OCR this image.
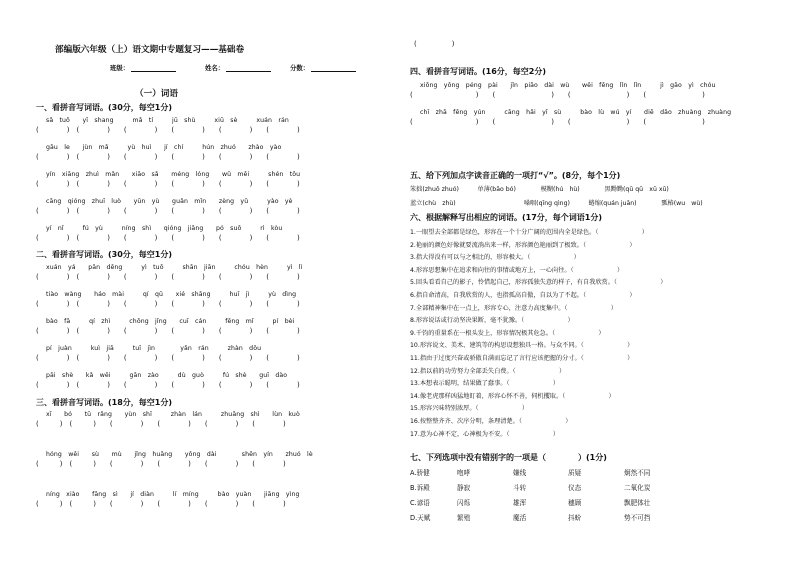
部编版六年级（上）语文期中专题复习——基础卷
班级：	姓名：	分数：
（一）词语
一、看拼音写词语。(30分，每空1分)
sǎ　tuō　　yī　shang　　　mǎ　tí　　　jū　shù　　　xiū　sè　　　xuán　rán
(　　　　)　(　　　　)　　(　　　　)　　(　　　　)　　(　　　　)　　(　　　　)
gāu　le　　jùn　mǎ　　　yù　huì　　jí　chí　　　hún　zhuó　　zhào　yào
(　　　　)　(　　　　)　　(　　　　)　　(　　　　)　　(　　　　)　　(　　　　)
yín　xiāng　zhuì　mǎn　　xiāo　sǎ　　méng　lóng　　wǔ　měi　　　shén　tōu
(　　　　)　(　　　　)　　(　　　　)　　(　　　　)　　(　　　　)　　(　　　　)
cāng　qióng　zhuī　luò　　yūn　yù　　guǎn　mǐn　　zèng　yǔ　　　yào　yè
(　　　　)　(　　　　)　　(　　　　)　　(　　　　)　　(　　　　)　　(　　　　)
yí　nǐ　　　fú　yù　　　níng　shì　　qióng　jiāng　　pó　suō　　　rì　kòu
(　　　　)　(　　　　)　　(　　　　)　　(　　　　)　　(　　　　)　　(　　　　)
二、看拼音写词语。(30分，每空1分)
xuán　yá　　pān　dēng　　　yì　tuō　　　shān　jiān　　　chóu　hèn　　　yì　lì
(　　　　)　(　　　　)　　(　　　　)　　(　　　　)　　(　　　　)　　(　　　　)
tiào　wàng　　háo　mài　　　qí　qū　　xié　shāng　　　huī　jì　　　yù　dìng
(　　　　)　(　　　　)　　(　　　　)　　(　　　　)　　(　　　　)　　(　　　　)
bào　fā　　　qí　zhì　　　chōng　jǐng　　cuī　cán　　　fēng　mǐ　　　pí　bèi
(　　　　)　(　　　　)　　(　　　　)　　(　　　　)　　(　　　　)　　(　　　　)
pí　juàn　　　kuì　jiā　　　tuī　jìn　　　　yǎn　rán　　　zhàn　dǒu
(　　　　)　(　　　　)　　(　　　　)　　(　　　　)　　(　　　　)　　(　　　　)
pāi　shè　　kǎ　wěi　　　gān　zào　　　dù　guò　　　fú　shè　　guī　dào
(　　　　)　(　　　　)　　(　　　　)　　(　　　　)　　(　　　　)　　(　　　　)
三、看拼音写词语。(18分，每空1分)
xī　　bó　　tū　rǎng　　yùn　shī　　　zhàn　lán　　　zhuāng　shì　　lùn　kuò
(　　　)　(　　　)　　(　　　　)　　(　　　　)　　(　　　　)　　(　　　　)
hóng　wěi　　sù　　mù　　jǐng　huāng　　yǒng　dài　　　　shēn　yín　　zhuó　lè
(　　　)　(　　　)　　(　　　　)　　(　　　　)　　(　　　　)　　(　　　　)
níng　xiào　　fāng　sì　　jí　diàn　　　lí　míng　　　bào　yuàn　　jiāng　yìng
(　　　)　(　　　)　　(　　　　)　　(　　　　)　　(　　　　)　　(　　　　)
(　　　　　)
四、看拼音写词语。(16分，每空2分)
xiōng　yǒng　péng　pài　　jǐn　piāo　dài　wù　　wěi　fēng　lǐn　lǐn　　　jì　gāo　yì　chóu
(　　　　　　　　　)　　(　　　　　　　　)　　(　　　　　　　　)　　(　　　　　　　　)
chī　zhā　fēng　yún　　　cāng　hǎi　yī　sù　　　bào　lù　wú　yí　　diē　dǎo　zhuàng　zhuàng
(　　　　　　　　　)　　(　　　　　　　　)　　(　　　　　　　　)　　(　　　　　　　　)
五、给下列加点字读音正确的一项打“√”。(8分，每个1分)
笨拙(zhuō zhuó)　　　单薄(bāo bó)　　　　模糊(hú　hù)　　　　黑黝黝(qū qū　xū xū)
蓝立(chù　zhù)　　　　　　　　　　　嗓咽(qīng qìng)　　　蜷缩(quán juān)　　　　瓢椿(wu　wù)
六、根据解释写出相应的词语。(17分，每个词语1分)
1.一眼望去全部都是绿色，形容在一个十分广阔的范围内全是绿色。（　　　　　　　）
2.艳丽的颜色好像就要流淌出来一样，形容颜色艳丽到了极致。（　　　　　　　）
3.指大得没有可以与之相比的，形容极大。（　　　　　　　）
4.形容思想集中在追求和向往的事情或地方上，一心向往。（　　　　　　　）
5.回头看看自己的影子，怜惜起自己，形容孤独失意的样子，有自我欣赏。（　　　　　　　）
6.指自命清高，自我欣赏的人，也指孤高自傲，自以为了不起。（　　　　　　　）
7.全部精神集中在一点上，形容专心，注意力高度集中。（　　　　　　　）
8.形容说话或行动坚决果断，毫不犹豫。（　　　　　　　）
9.千钧的重量系在一根头发上，形容情况极其危急。（　　　　　　　）
10.形容说文、美术、建筑等的构思设想独具一格。与众不同。（　　　　　　　）
11.指由于过度兴奋或骄傲自满而忘记了言行应该把握的分寸。（　　　　　　　）
12.指以前的功劳努力全部丢失白费。（　　　　　　　）
13.本想表示聪明，结果做了蠢事。（　　　　　　　）
14.像老虎那样凶猛地盯着，形容心怀不善，伺机攫取。（　　　　　　　）
15.形容兴味特别浓厚。（　　　　　　　）
16.按整整齐齐、次序分明，条理清楚。（　　　　　　　）
17.意为心神不定，心神极为不安。（　　　　　　　）
七、下列选项中没有错别字的一项是（　　　　）(1分)
A.骄健	咆哮	嫌线	质疑	炯然不同
B.诉殿	静寂	斗转	仪态	二氧化炭
C.谚语	闪烁	雄浑	穗顾	飘肥体壮
D.天赋	繁殖	魔活	抖蚧	势不可挡
